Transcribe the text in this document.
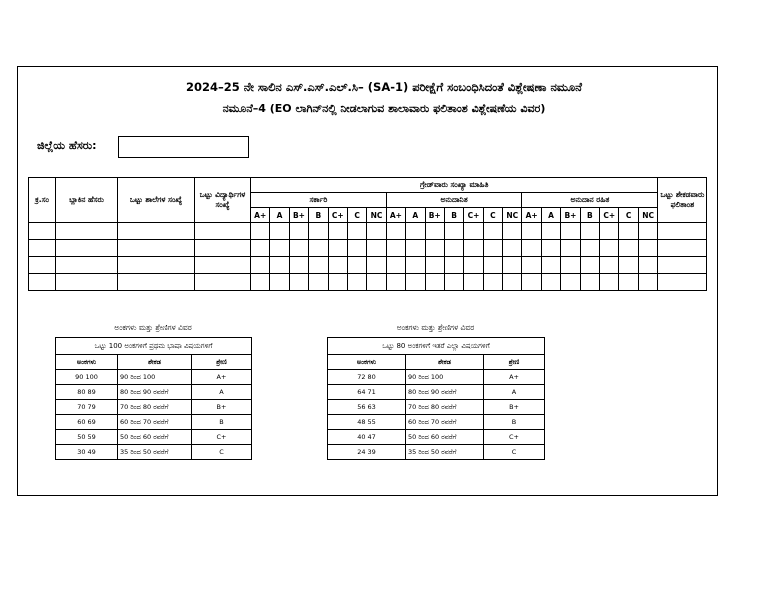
2024–25 ನೇ ಸಾಲಿನ ಎಸ್.ಎಸ್.ಎಲ್.ಸಿ– (SA-1) ಪರೀಕ್ಷೆಗೆ ಸಂಬಂಧಿಸಿದಂತೆ ವಿಶ್ಲೇಷಣಾ ನಮೂನೆ
ನಮೂನೆ–4 (EO ಲಾಗಿನ್‌ನಲ್ಲಿ ನೀಡಲಾಗುವ ಶಾಲಾವಾರು ಫಲಿತಾಂಶ ವಿಶ್ಲೇಷಣೆಯ ವಿವರ)
ಜಿಲ್ಲೆಯ ಹೆಸರು:
ಕ್ರ.ಸಂ	ಬ್ಲಾಕಿನ ಹೆಸರು	ಒಟ್ಟು ಶಾಲೆಗಳ ಸಂಖ್ಯೆ	ಒಟ್ಟು ವಿದ್ಯಾರ್ಥಿಗಳ ಸಂಖ್ಯೆ	ಗ್ರೇಡ್‌ವಾರು ಸಂಖ್ಯಾ ಮಾಹಿತಿ																					ಒಟ್ಟು ಶೇಕಡವಾರು ಫಲಿತಾಂಶ
				ಸರ್ಕಾರಿ							ಅನುದಾನಿತ							ಅನುದಾನ ರಹಿತ							
				A+	A	B+	B	C+	C	NC	A+	A	B+	B	C+	C	NC	A+	A	B+	B	C+	C	NC	

ಅಂಕಗಳು ಮತ್ತು ಶ್ರೇಣಿಗಳ ವಿವರ
ಒಟ್ಟು 100 ಅಂಕಗಳಿಗೆ ಪ್ರಥಮ ಭಾಷಾ ವಿಷಯಗಳಿಗೆ		
ಅಂಕಗಳು	ಶೇಕಡ	ಶ್ರೇಣಿ
90 100	90 ರಿಂದ 100	A+
80 89	80 ರಿಂದ 90 ರವರೆಗೆ	A
70 79	70 ರಿಂದ 80 ರವರೆಗೆ	B+
60 69	60 ರಿಂದ 70 ರವರೆಗೆ	B
50 59	50 ರಿಂದ 60 ರವರೆಗೆ	C+
30 49	35 ರಿಂದ 50 ರವರೆಗೆ	C
ಅಂಕಗಳು ಮತ್ತು ಶ್ರೇಣಿಗಳ ವಿವರ
ಒಟ್ಟು 80 ಅಂಕಗಳಿಗೆ ಇತರೆ ಎಲ್ಲಾ ವಿಷಯಗಳಿಗೆ		
ಅಂಕಗಳು	ಶೇಕಡ	ಶ್ರೇಣಿ
72 80	90 ರಿಂದ 100	A+
64 71	80 ರಿಂದ 90 ರವರೆಗೆ	A
56 63	70 ರಿಂದ 80 ರವರೆಗೆ	B+
48 55	60 ರಿಂದ 70 ರವರೆಗೆ	B
40 47	50 ರಿಂದ 60 ರವರೆಗೆ	C+
24 39	35 ರಿಂದ 50 ರವರೆಗೆ	C
